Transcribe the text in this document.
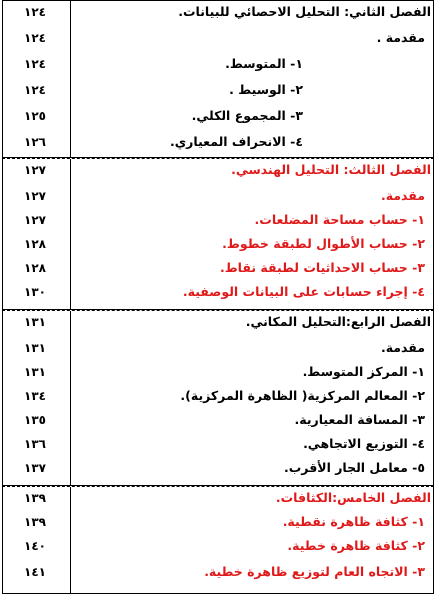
١٢٤	الفصل الثاني: التحليل الاحصائي للبيانات.
١٢٤	مقدمة .
١٢٤	١- المتوسط.
١٢٤	٢- الوسيط .
١٢٥	٣- المجموع الكلي.
١٢٦	٤- الانحراف المعياري.
١٢٧	الفصل الثالث: التحليل الهندسي.
١٢٧	مقدمة.
١٢٧	١- حساب مساحة المضلعات.
١٢٨	٢- حساب الأطوال لطبقة خطوط.
١٢٨	٣- حساب الاحداثيات لطبقة نقاط.
١٣٠	٤- إجراء حسابات على البيانات الوصفية.
١٣١	الفصل الرابع:التحليل المكاني.
١٣١	مقدمة.
١٣١	١- المركز المتوسط.
١٣٤	٢- المعالم المركزية( الظاهرة المركزية).
١٣٥	٣- المسافة المعيارية.
١٣٦	٤- التوزيع الاتجاهي.
١٣٧	٥- معامل الجار الأقرب.
١٣٩	الفصل الخامس:الكثافات.
١٣٩	١- كثافة ظاهرة نقطية.
١٤٠	٢- كثافة ظاهرة خطية.
١٤١	٣- الاتجاه العام لتوزيع ظاهرة خطية.
